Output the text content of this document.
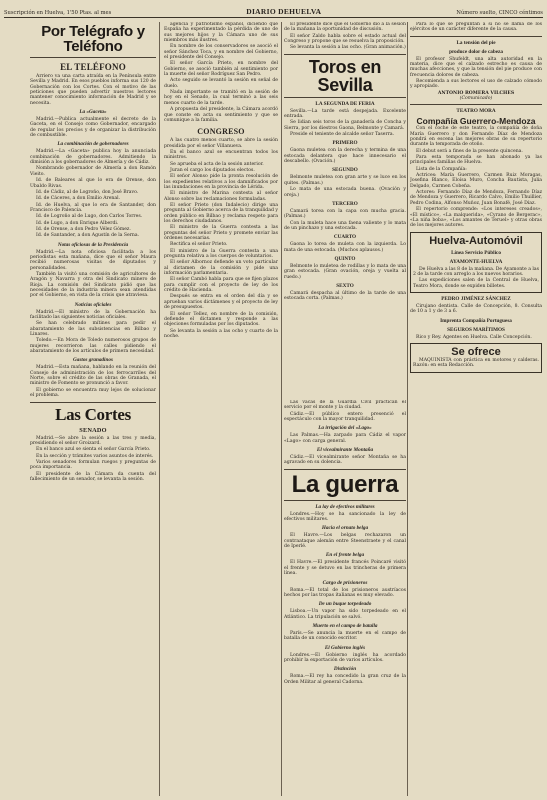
Suscripción en Huelva, 1'50 Ptas. al mes	DIARIO DEHUELVA	Número suelto, CINCO céntimos
Por Telégrafo y Teléfono
EL TELÉFONO

Arriero va una carta atraída en la Península entre Sevilla y Madrid. En esos pueblos informa sus 120 de Gobernación con los Cortes. Con el motivo de las peticiones que pueden advertir nuestros lectores mantener conocimiento información de Madrid y se necesita.

La «Gaceta»

Madrid.—Publica actualmente el decreto de la Gaceta, en el Consejo como Gobernador, encargado de regular los precios y de organizar la distribución de combustible.

La combinación de gobernadores

Madrid.—La «Gaceta» publica hoy la anunciada combinación de gobernadores. Admitiendo la dimisión a los gobernadores de Almería y de Cádiz.

Nombrando gobernador de Almería a don Ramón Vieito.

Id. de Baleares al que lo era de Orense, don Ubaldo Rivas.

Id. de Cádiz, al de Logroño, don José Bravo.

Id. de Cáceres, a don Emilio Arenal.

Id. de Huelva, al que lo era de Santander, don Francisco de Palencia.

Id. de Logroño al de Lugo, don Carlos Torres.

Id. de Lugo, a don Enrique Alberdi.

Id. de Orense, a don Pedro Vélez Gómez.

Id. de Santander, a don Agustín de la Serna.

Notas oficiosas de la Presidencia

Madrid.—La nota oficiosa facilitada a los periodistas esta mañana, dice que el señor Maura recibió numerosas visitas de diputados y personalidades.

También la visitó una comisión de agricultores de Aragón y Navarra y otra del Sindicato minero de Rioja. La comisión del Sindicato pidió que las necesidades de la industria minera sean atendidas por el Gobierno, en vista de la crisis que atraviesa.

Noticias oficiales

Madrid.—El ministro de la Gobernación ha facilitado las siguientes noticias oficiales.

Se han celebrado mítines para pedir el abaratamiento de las subsistencias en Bilbao y Linares.

Toledo.—En Mora de Toledo numerosos grupos de mujeres recorrieron las calles pidiendo el abaratamiento de los artículos de primera necesidad.

Gastos granadinos

Madrid.—Esta mañana, hablando en la reunión del Consejo de administración de los ferrocarriles del Norte, sobre el crédito de las obras de Granada, el ministro de Fomento se pronunció a favor.

El gobierno se encuentra muy lejos de solucionar el problema.

Las Cortes
SENADO

Madrid.—Se abre la sesión a las tres y media, presidiendo el señor Groizard.

En el banco azul se sienta el señor García Prieto.

En la sección y trámites varios asuntos de interés.

Varios senadores formulan ruegos y preguntas de poca importancia.

El presidente de la Cámara da cuenta del fallecimiento de un senador, se levanta la sesión.

agencia y patriotismo español, diciendo que España ha experimentado la pérdida de uno de sus mejores hijos y la Cámara uno de sus miembros más ilustres.

En nombre de los conservadores se asoció el señor Sánchez Toca, y en nombre del Gobierno, el presidente del Consejo.

El señor García Prieto, en nombre del Gobierno, se asoció también al sentimiento por la muerte del señor Rodríguez San Pedro.

Acto seguido se levantó la sesión en señal de duelo.

Nada importante se tramitó en la sesión de hoy en el Senado, la cual terminó a las seis menos cuarto de la tarde.

A propuesta del presidente, la Cámara acordó que conste en acta su sentimiento y que se comunique a la familia.

CONGRESO

A las cuatro menos cuarto, se abre la sesión presidida por el señor Villanueva.

En el banco azul se encuentran todos los ministros.

Se aprueba el acta de la sesión anterior.

Juran el cargo los diputados electos.

El señor Alonso pide la pronta resolución de los expedientes relativos a los damnificados por las inundaciones en la provincia de Lérida.

El ministro de Marina contesta al señor Alonso sobre las reclamaciones formuladas.

El señor Prieto (don Indalecio) dirige una pregunta al Gobierno acerca de la tranquilidad y orden público en Bilbao y reclama respeto para los derechos ciudadanos.

El ministro de la Guerra contesta a las preguntas del señor Prieto y promete enviar las órdenes necesarias.

Rectifica el señor Prieto.

El ministro de la Guerra contesta a una pregunta relativa a los cuerpos de voluntarios.

El señor Albornoz defiende un voto particular al dictamen de la comisión y pide una información parlamentaria.

El señor Cambó habla para que se fijen plazos para cumplir con el proyecto de ley de los crédito de Hacienda.

Después se entra en el orden del día y se aprueban varios dictámenes y el proyecto de ley de presupuestos.

El señor Tellez, en nombre de la comisión, defiende el dictamen y responde a las objeciones formuladas por los diputados.

Se levanta la sesión a las ocho y cuarto de la noche.

El presidente dice que el Gobierno dio a la sesión de la mañana la oportunidad de discusión.

El señor Zaldo habla sobre el estado actual del Congreso y propone que se resuelva la proposición.

Se levanta la sesión a las ocho. (Gran animación.)

Toros en Sevilla
LA SEGUNDA DE FERIA

Sevilla.—La tarde está despejada. Excelente entrada.

Se lidian seis toros de la ganadería de Concha y Sierra, por los diestros Gaona, Belmonte y Camará.

Preside el teniente de alcalde señor Taserra.

PRIMERO

Gaona muletea con la derecha y termina de una estocada delantera que hace innecesario el descabello. (Ovación.)

SEGUNDO

Belmonte muletea con gran arte y se luce en los quites. (Palmas.)

Lo mata de una estocada buena. (Ovación y oreja.)

TERCERO

Camará torea con la capa con mucha gracia. (Palmas.)

Con la muleta hace una faena valiente y lo mata de un pinchazo y una estocada.

CUARTO

Gaona lo torea de muleta con la izquierda. Lo mata de una estocada. (Muchos aplausos.)

QUINTO

Belmonte lo muletea de rodillas y lo mata de una gran estocada. (Gran ovación, oreja y vuelta al ruedo.)

SEXTO

Camará despacha al último de la tarde de una estocada corta. (Palmas.)

Para lo que se preguntan a si no se llama de los ejércitos de un carácter diferente de la causa.

La tensión del pie
produce dolor de cabeza

El profesor Shufeldt, una alta autoridad en la materia, dice que el calzado estrecho es causa de muchas afecciones, y que la tensión del pie produce con frecuencia dolores de cabeza.

Recomienda a sus lectores el uso de calzado cómodo y apropiado.

ANTONIO ROMERA VILCHES
(Comunicado)
TEATRO MORA
Compañía Guerrero-Mendoza

Con el coche de este teatro, la compañía de doña María Guerrero y don Fernando Díaz de Mendoza pondrá en escena las mejores obras de su repertorio durante la temporada de otoño.

El debut será a fines de la presente quincena.

Para esta temporada se han abonado ya las principales familias de Huelva.

Lista de la Compañía:

Actrices: María Guerrero, Carmen Ruiz Moragas, Josefina Blanco, Eloísa Muro, Concha Bautista, Julia Delgado, Carmen Cobeña.

Actores: Fernando Díaz de Mendoza, Fernando Díaz de Mendoza y Guerrero, Ricardo Calvo, Emilio Thuillier, Pedro Codina, Alfonso Muñoz, Juan Bonafé, José Díaz.

El repertorio comprende: «Los intereses creados», «El místico», «La malquerida», «Cyrano de Bergerac», «La niña boba», «Los amantes de Teruel» y otras obras de los mejores autores.

Huelva-Automóvil
Línea Servicio Público
AYAMONTE-HUELVA

De Huelva a las 8 de la mañana. De Ayamonte a las 2 de la tarde con arreglo a los nuevos horarios.

Las expediciones salen de la Central de Huelva, Teatro Mora, donde se expiden billetes.

PEDRO JIMÉNEZ SÁNCHEZ

Cirujano dentista. Calle de Concepción, 8. Consulta de 10 a 1 y de 3 a 6.

Imprenta Compañía Portuguesa
SEGUROS MARÍTIMOS

Rico y Rey. Agentes en Huelva. Calle Concepción.

Se ofrece

MAQUINISTA con práctica en motores y calderas. Razón: en esta Redacción.

Las vacas de la Guardia Civil practican el servicio por el monte y la ciudad.

Cádiz.—El público entero presenció el espectáculo con la mayor tranquilidad.

La irrigación del «Lago»

Las Palmas.—Ha zarpado para Cádiz el vapor «Lago» con carga general.

El vicealmirante Montaña

Cádiz.—El vicealmirante señor Montaña se ha agravado en su dolencia.

La guerra
La lay de efectivos militares

Londres.—Hoy se ha sancionado la ley de efectivos militares.

Hacia el ornato belga

El Havre.—Los belgas rechazaron un contraataque alemán entre Steenstraete y el canal de Iperlé.

En el frente belga

El Havre.—El presidente francés Poincaré visitó el frente y se detuvo en las trincheras de primera línea.

Cargo de prisioneros

Roma.—El total de los prisioneros austríacos hechos por las tropas italianas es muy elevado.

De un buque torpedeado

Lisboa.—Un vapor ha sido torpedeado en el Atlántico. La tripulación se salvó.

Muerto en el campo de batalla

París.—Se anuncia la muerte en el campo de batalla de un conocido escritor.

El Gobierno inglés

Londres.—El Gobierno inglés ha acordado prohibir la exportación de varios artículos.

Distinción

Roma.—El rey ha concedido la gran cruz de la Orden Militar al general Cadorna.
